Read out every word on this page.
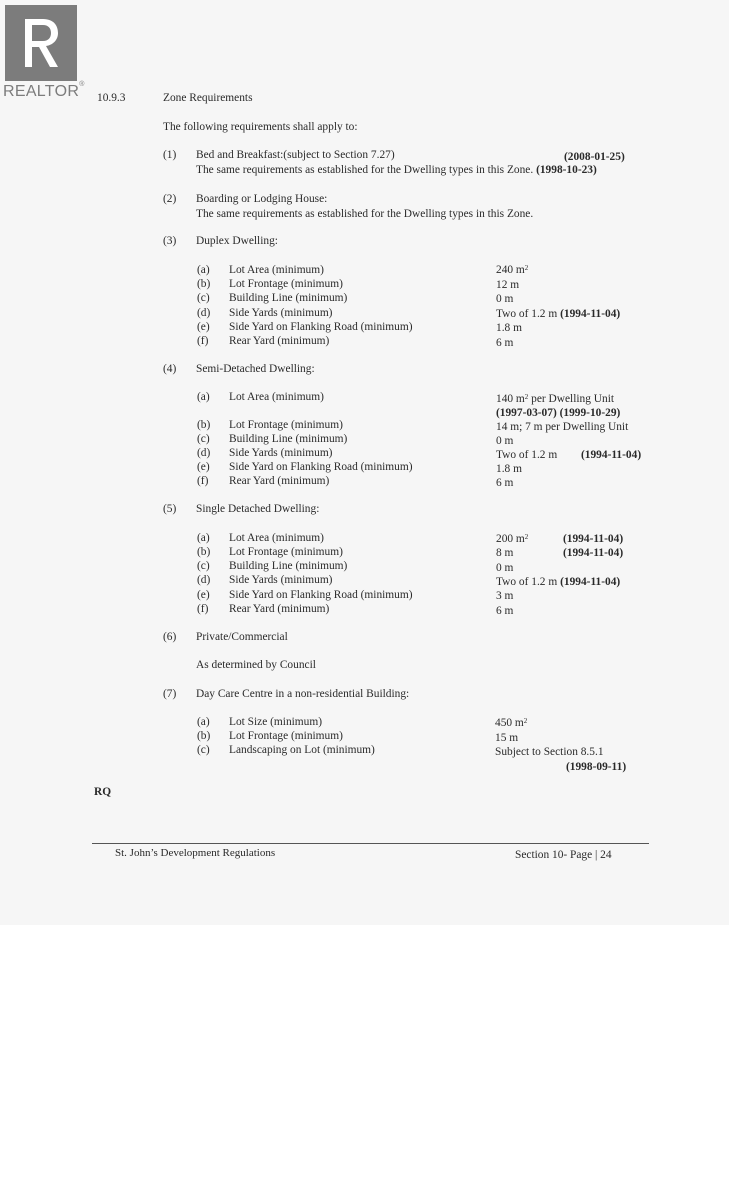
REALTOR®
10.9.3	Zone Requirements
The following requirements shall apply to:
(1) Bed and Breakfast:(subject to Section 7.27)	(2008-01-25)
The same requirements as established for the Dwelling types in this Zone. (1998-10-23)
(2) Boarding or Lodging House:
The same requirements as established for the Dwelling types in this Zone.
(3) Duplex Dwelling:
(a) Lot Area (minimum)	240 $m^2$
(b) Lot Frontage (minimum)	12 m
(c) Building Line (minimum)	0 m
(d) Side Yards (minimum)	Two of 1.2 m (1994-11-04)
(e) Side Yard on Flanking Road (minimum)	1.8 m
(f) Rear Yard (minimum)	6 m
(4) Semi-Detached Dwelling:
(a) Lot Area (minimum)	140 $m^2$ per Dwelling Unit
(1997-03-07) (1999-10-29)
(b) Lot Frontage (minimum)	14 m; 7 m per Dwelling Unit
(c) Building Line (minimum)	0 m
(d) Side Yards (minimum)	Two of 1.2 m (1994-11-04)
(e) Side Yard on Flanking Road (minimum)	1.8 m
(f) Rear Yard (minimum)	6 m
(5) Single Detached Dwelling:
(a) Lot Area (minimum)	200 $m^2$	(1994-11-04)
(b) Lot Frontage (minimum)	8 m	(1994-11-04)
(c) Building Line (minimum)	0 m
(d) Side Yards (minimum)	Two of 1.2 m (1994-11-04)
(e) Side Yard on Flanking Road (minimum)	3 m
(f) Rear Yard (minimum)	6 m
(6) Private/Commercial
As determined by Council
(7) Day Care Centre in a non-residential Building:
(a) Lot Size (minimum)	450 $m^2$
(b) Lot Frontage (minimum)	15 m
(c) Landscaping on Lot (minimum)	Subject to Section 8.5.1
(1998-09-11)
RQ
St. John’s Development Regulations	Section 10- Page | 24
